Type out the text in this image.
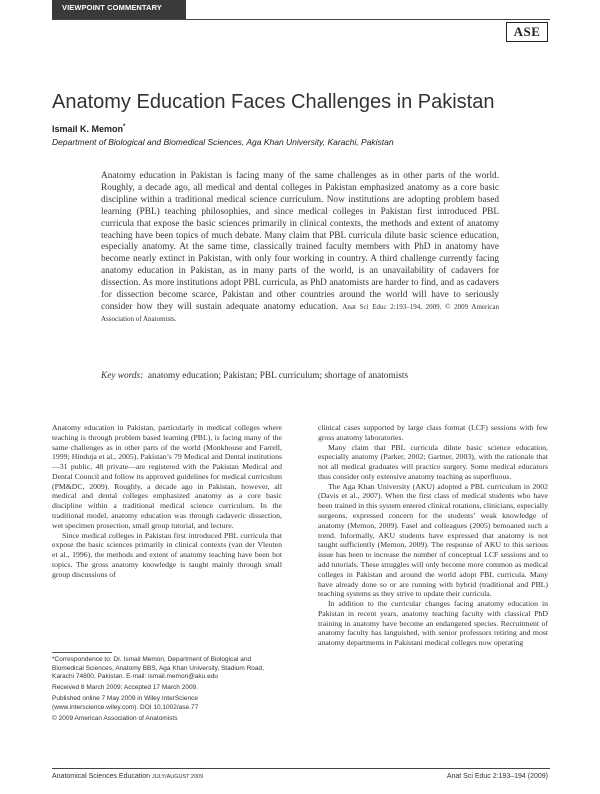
VIEWPOINT COMMENTARY
ASE
Anatomy Education Faces Challenges in Pakistan
Ismail K. Memon*
Department of Biological and Biomedical Sciences, Aga Khan University, Karachi, Pakistan

Anatomy education in Pakistan is facing many of the same challenges as in other parts of the world. Roughly, a decade ago, all medical and dental colleges in Pakistan emphasized anatomy as a core basic discipline within a traditional medical science curriculum. Now institutions are adopting problem based learning (PBL) teaching philosophies, and since medical colleges in Pakistan first introduced PBL curricula that expose the basic sciences primarily in clinical contexts, the methods and extent of anatomy teaching have been topics of much debate. Many claim that PBL curricula dilute basic science education, especially anatomy. At the same time, classically trained faculty members with PhD in anatomy have become nearly extinct in Pakistan, with only four working in country. A third challenge currently facing anatomy education in Pakistan, as in many parts of the world, is an unavailability of cadavers for dissection. As more institutions adopt PBL curricula, as PhD anatomists are harder to find, and as cadavers for dissection become scarce, Pakistan and other countries around the world will have to seriously consider how they will sustain adequate anatomy education. Anat Sci Educ 2:193–194, 2009. © 2009 American Association of Anatomists.

Key words: anatomy education; Pakistan; PBL curriculum; shortage of anatomists

Anatomy education in Pakistan, particularly in medical colleges where teaching is through problem based learning (PBL), is facing many of the same challenges as in other parts of the world (Monkhouse and Farrell, 1999; Hinduja et al., 2005). Pakistan’s 79 Medical and Dental institutions—31 public, 48 private—are registered with the Pakistan Medical and Dental Council and follow its approved guidelines for medical curriculum (PM&DC, 2009). Roughly, a decade ago in Pakistan, however, all medical and dental colleges emphasized anatomy as a core basic discipline within a traditional medical science curriculum. In the traditional model, anatomy education was through cadaveric dissection, wet specimen prosection, small group tutorial, and lecture.

Since medical colleges in Pakistan first introduced PBL curricula that expose the basic sciences primarily in clinical contexts (van der Vleuten et al., 1996), the methods and extent of anatomy teaching have been hot topics. The gross anatomy knowledge is taught mainly through small group discussions of

clinical cases supported by large class format (LCF) sessions with few gross anatomy laboratories.

Many claim that PBL curricula dilute basic science education, especially anatomy (Parker, 2002; Gartner, 2003), with the rationale that not all medical graduates will practice surgery. Some medical educators thus consider only extensive anatomy teaching as superfluous.

The Aga Khan University (AKU) adopted a PBL curriculum in 2002 (Davis et al., 2007). When the first class of medical students who have been trained in this system entered clinical rotations, clinicians, especially surgeons, expressed concern for the students’ weak knowledge of anatomy (Memon, 2009). Fasel and colleagues (2005) bemoaned such a trend. Informally, AKU students have expressed that anatomy is not taught sufficiently (Memon, 2009). The response of AKU to this serious issue has been to increase the number of conceptual LCF sessions and to add tutorials. These struggles will only become more common as medical colleges in Pakistan and around the world adopt PBL curricula. Many have already done so or are running with hybrid (traditional and PBL) teaching systems as they strive to update their curricula.

In addition to the curricular changes facing anatomy education in Pakistan in recent years, anatomy teaching faculty with classical PhD training in anatomy have become an endangered species. Recruitment of anatomy faculty has languished, with senior professors retiring and most anatomy departments in Pakistani medical colleges now operating

*Correspondence to: Dr. Ismail Memon, Department of Biological and Biomedical Sciences, Anatomy BBS, Aga Khan University, Stadium Road, Karachi 74800, Pakistan. E-mail: ismail.memon@aku.edu

Received 8 March 2009; Accepted 17 March 2009.

Published online 7 May 2009 in Wiley InterScience (www.interscience.wiley.com). DOI 10.1002/ase.77

© 2009 American Association of Anatomists

Anatomical Sciences Education JULY/AUGUST 2009	Anat Sci Educ 2:193–194 (2009)
